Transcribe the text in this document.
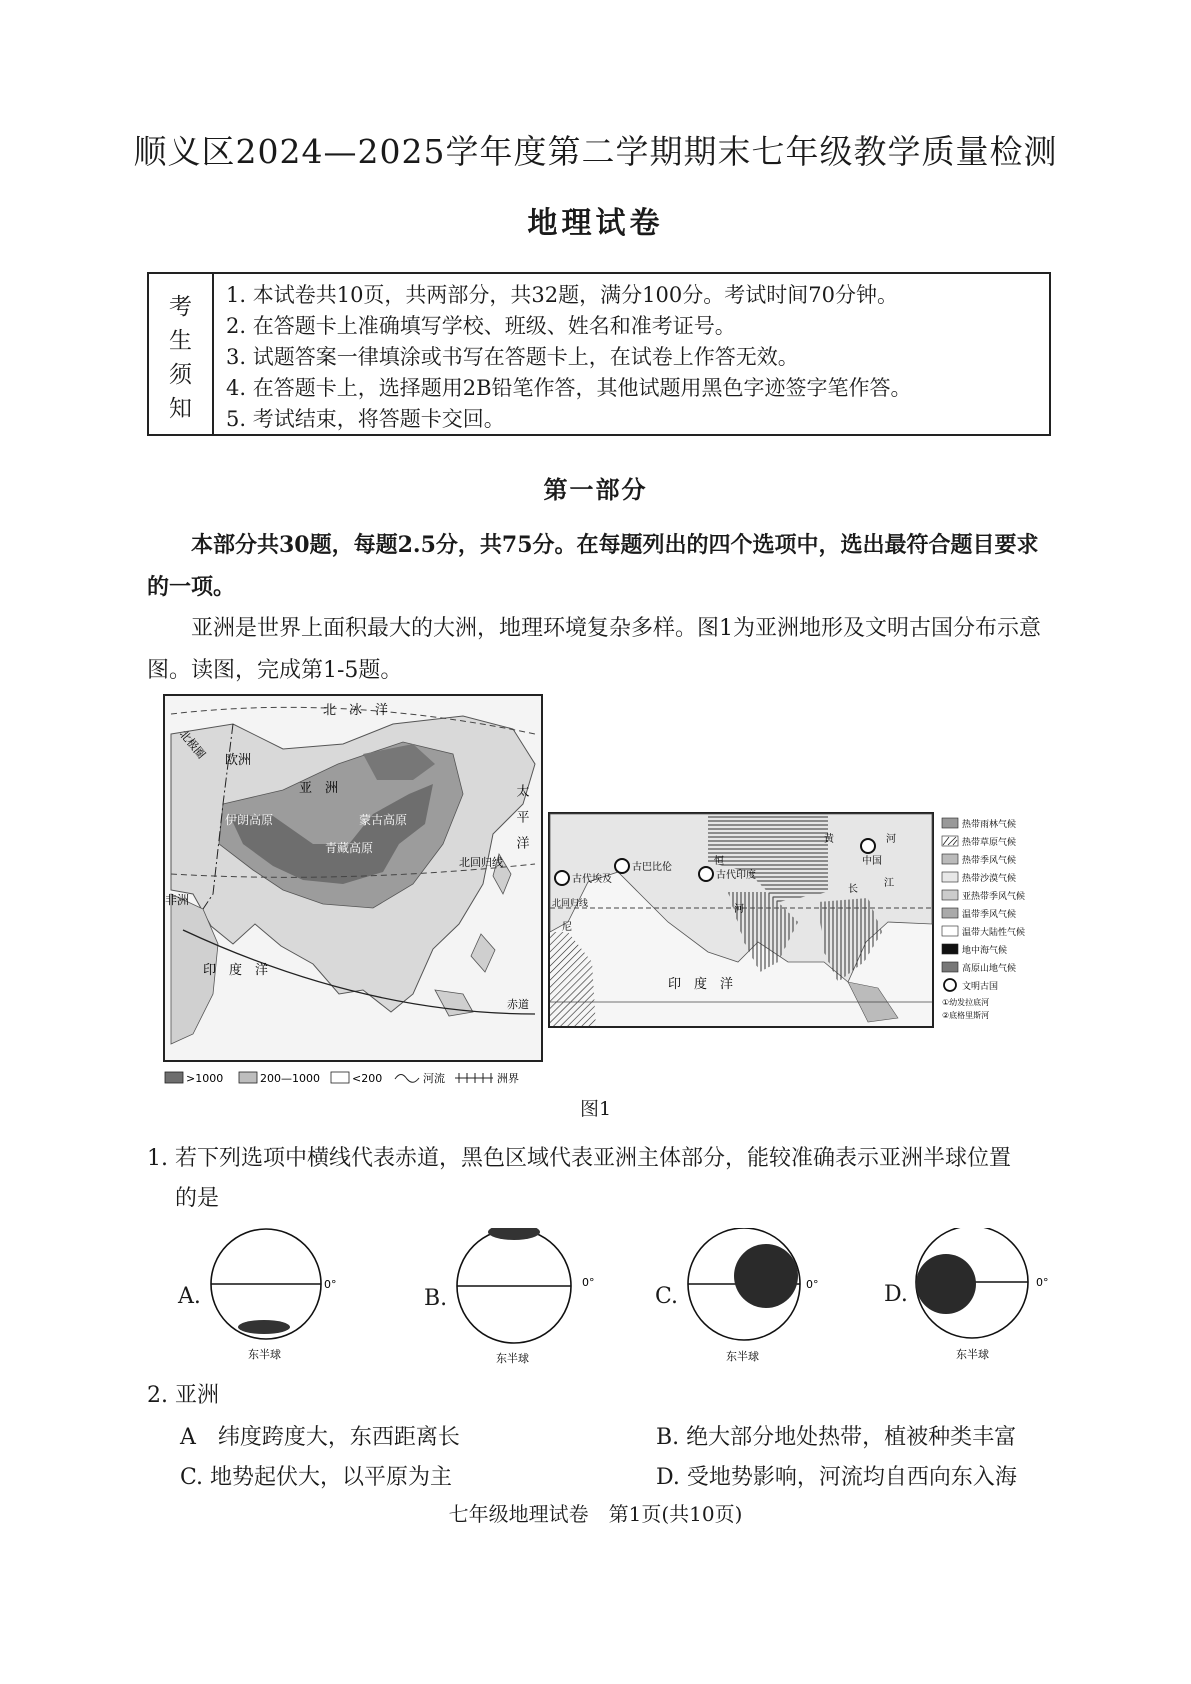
顺义区2024—2025学年度第二学期期末七年级教学质量检测
地理试卷
考
生
须
知
1. 本试卷共10页，共两部分，共32题，满分100分。考试时间70分钟。
2. 在答题卡上准确填写学校、班级、姓名和准考证号。
3. 试题答案一律填涂或书写在答题卡上，在试卷上作答无效。
4. 在答题卡上，选择题用2B铅笔作答，其他试题用黑色字迹签字笔作答。
5. 考试结束，将答题卡交回。
第一部分
本部分共30题，每题2.5分，共75分。在每题列出的四个选项中，选出最符合题目要求的一项。
亚洲是世界上面积最大的大洲，地理环境复杂多样。图1为亚洲地形及文明古国分布示意图。读图，完成第1-5题。
北　冰　洋
北极圈 欧洲
亚　洲
蒙古高原
伊朗高原
青藏高原
北回归线
非洲
印　度　洋
赤道
太　平　洋
>1000	200—1000	<200	河流	洲界
古代埃及
古巴比伦
古代印度
中国
北回归线
印　度　洋
黄	河
长
江
恒
河
尼
热带雨林气候
热带草原气候
热带季风气候
热带沙漠气候
亚热带季风气候
温带季风气候
温带大陆性气候
地中海气候
高原山地气候
文明古国
①幼发拉底河
②底格里斯河
图1
1. 若下列选项中横线代表赤道，黑色区域代表亚洲主体部分，能较准确表示亚洲半球位置
的是
A.	0°
东半球
B.
0°
东半球
C.	0°
东半球
D.	0°
东半球
2. 亚洲
A　纬度跨度大，东西距离长	B. 绝大部分地处热带，植被种类丰富
C. 地势起伏大，以平原为主	D. 受地势影响，河流均自西向东入海
七年级地理试卷　第1页(共10页)
